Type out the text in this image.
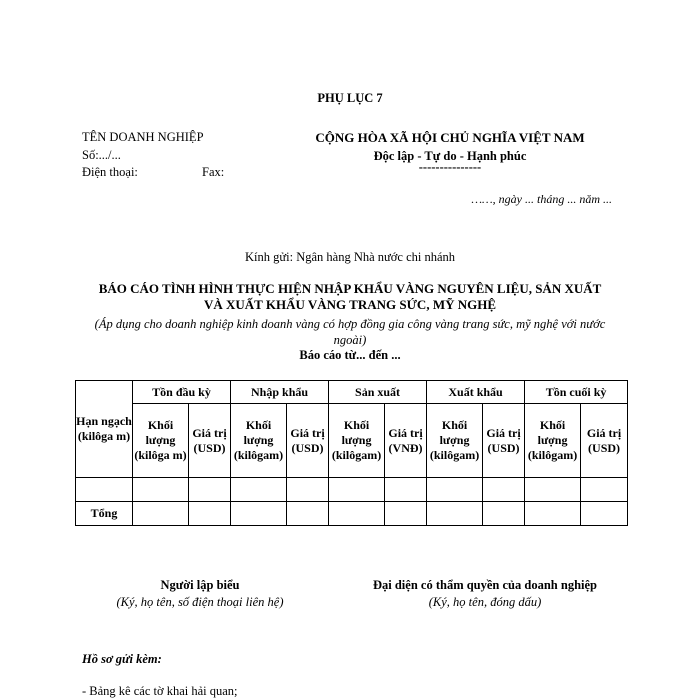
PHỤ LỤC 7
TÊN DOANH NGHIỆP
Số:.../...
Điện thoại:	Fax:
CỘNG HÒA XÃ HỘI CHỦ NGHĨA VIỆT NAM
Độc lập - Tự do - Hạnh phúc
---------------
……, ngày ... tháng ... năm ...
Kính gửi: Ngân hàng Nhà nước chi nhánh
BÁO CÁO TÌNH HÌNH THỰC HIỆN NHẬP KHẨU VÀNG NGUYÊN LIỆU, SẢN XUẤT
VÀ XUẤT KHẨU VÀNG TRANG SỨC, MỸ NGHỆ
(Áp dụng cho doanh nghiệp kinh doanh vàng có hợp đồng gia công vàng trang sức, mỹ nghệ với nước ngoài)
Báo cáo từ... đến ...
Hạn ngạch (kilôga m)	Tồn đầu kỳ		Nhập khẩu		Sản xuất		Xuất khẩu		Tồn cuối kỳ	
	Khối lượng (kilôga m)	Giá trị (USD)	Khối lượng (kilôgam)	Giá trị (USD)	Khối lượng (kilôgam)	Giá trị (VNĐ)	Khối lượng (kilôgam)	Giá trị (USD)	Khối lượng (kilôgam)	Giá trị (USD)

Tổng										
Người lập biểu
(Ký, họ tên, số điện thoại liên hệ)
Đại diện có thẩm quyền của doanh nghiệp
(Ký, họ tên, đóng dấu)
Hồ sơ gửi kèm:
- Bảng kê các tờ khai hải quan;
